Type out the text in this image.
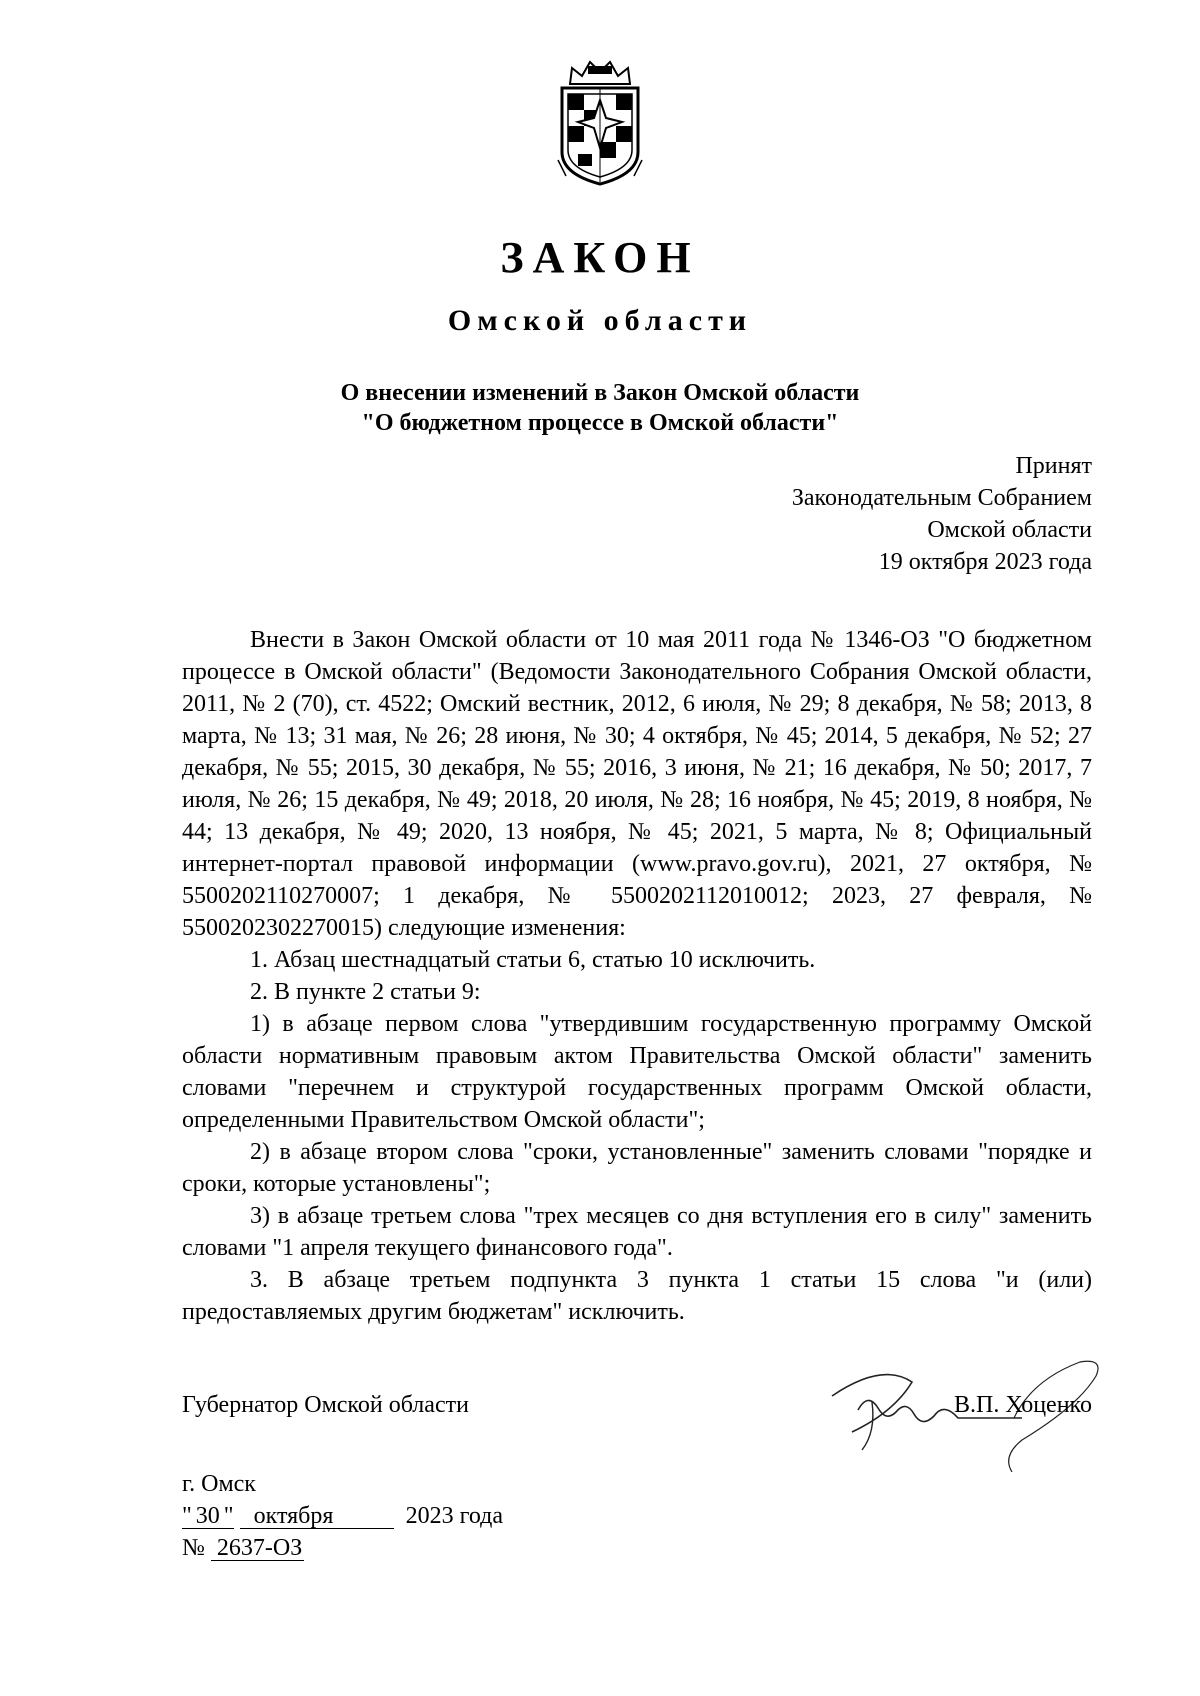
ЗАКОН
Омской области
О внесении изменений в Закон Омской области
"О бюджетном процессе в Омской области"
Принят
Законодательным Собранием
Омской области
19 октября 2023 года

Внести в Закон Омской области от 10 мая 2011 года № 1346-ОЗ "О бюджетном процессе в Омской области" (Ведомости Законодательного Собрания Омской области, 2011, № 2 (70), ст. 4522; Омский вестник, 2012, 6 июля, № 29; 8 декабря, № 58; 2013, 8 марта, № 13; 31 мая, № 26; 28 июня, № 30; 4 октября, № 45; 2014, 5 декабря, № 52; 27 декабря, № 55; 2015, 30 декабря, № 55; 2016, 3 июня, № 21; 16 декабря, № 50; 2017, 7 июля, № 26; 15 декабря, № 49; 2018, 20 июля, № 28; 16 ноября, № 45; 2019, 8 ноября, № 44; 13 декабря, № 49; 2020, 13 ноября, № 45; 2021, 5 марта, № 8; Официальный интернет-портал правовой информации (www.pravo.gov.ru), 2021, 27 октября, № 5500202110270007; 1 декабря, № 5500202112010012; 2023, 27 февраля, № 5500202302270015) следующие изменения:

1. Абзац шестнадцатый статьи 6, статью 10 исключить.

2. В пункте 2 статьи 9:

1) в абзаце первом слова "утвердившим государственную программу Омской области нормативным правовым актом Правительства Омской области" заменить словами "перечнем и структурой государственных программ Омской области, определенными Правительством Омской области";

2) в абзаце втором слова "сроки, установленные" заменить словами "порядке и сроки, которые установлены";

3) в абзаце третьем слова "трех месяцев со дня вступления его в силу" заменить словами "1 апреля текущего финансового года".

3. В абзаце третьем подпункта 3 пункта 1 статьи 15 слова "и (или) предоставляемых другим бюджетам" исключить.

Губернатор Омской области	В.П. Хоценко
г. Омск
" 30 " октября	2023 года
№ 2637-ОЗ
